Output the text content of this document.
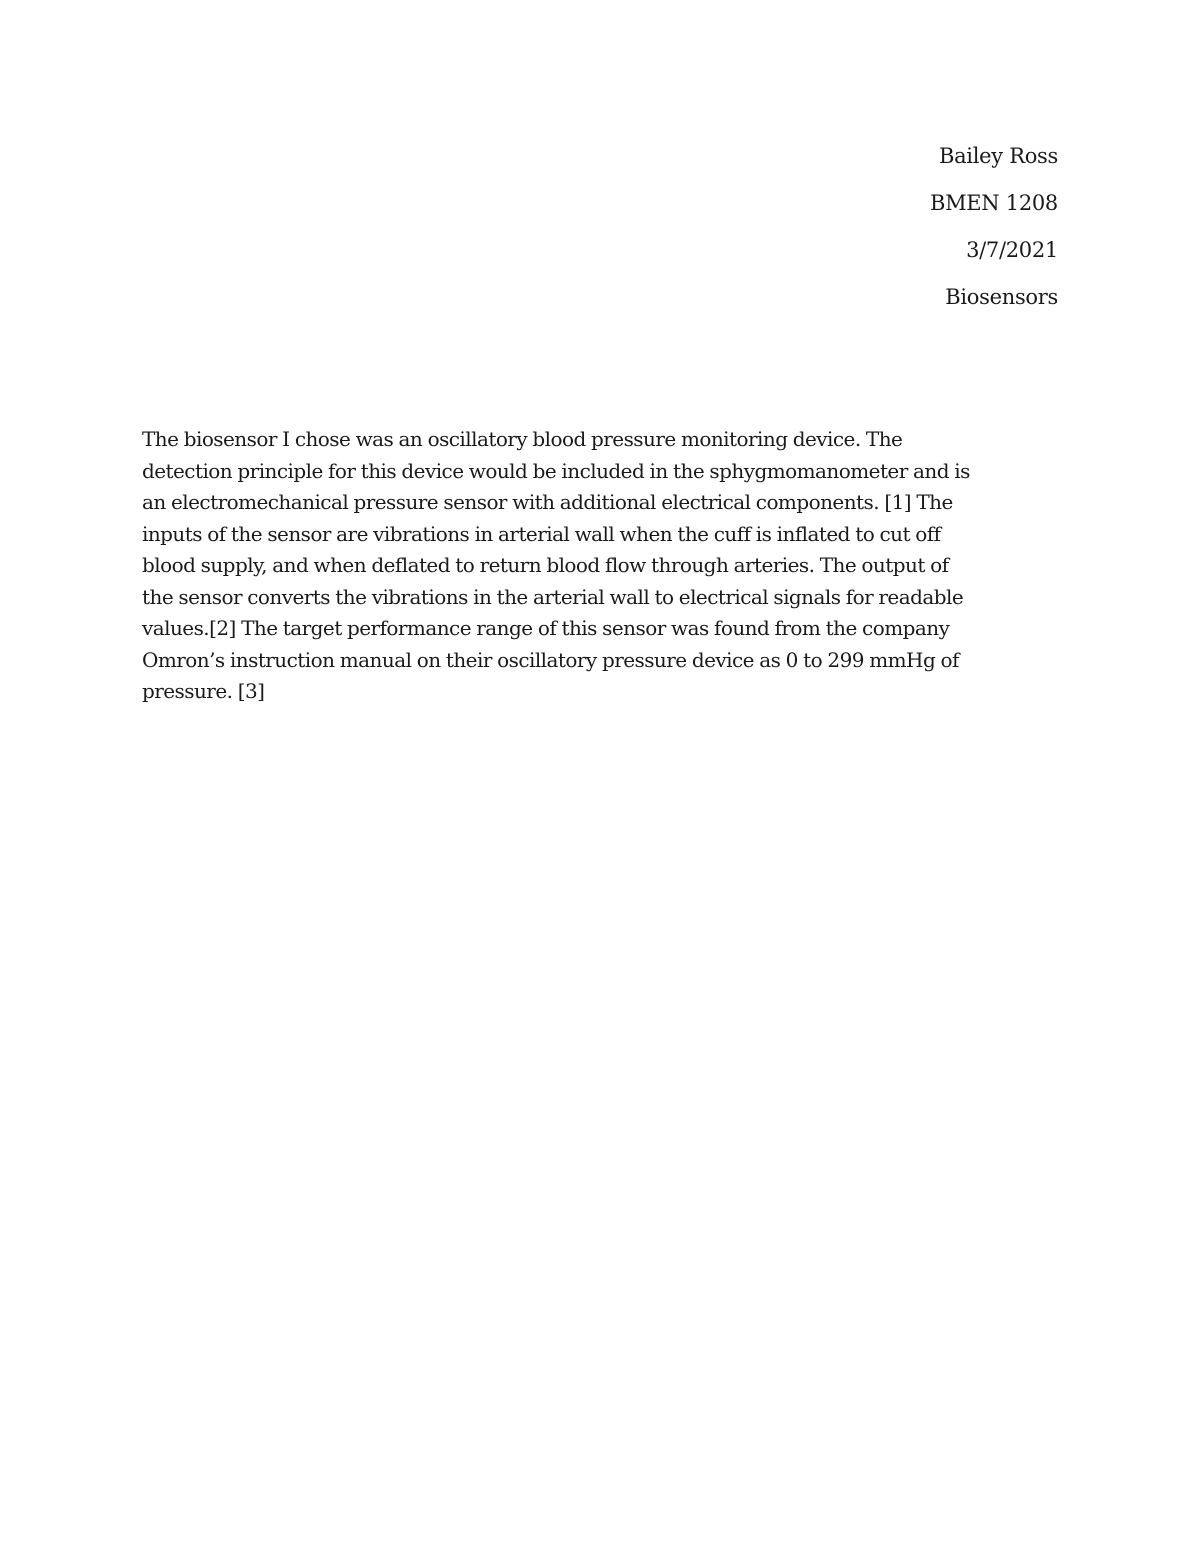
Bailey Ross
BMEN 1208
3/7/2021
Biosensors
The biosensor I chose was an oscillatory blood pressure monitoring device. The
detection principle for this device would be included in the sphygmomanometer and is
an electromechanical pressure sensor with additional electrical components. [1] The
inputs of the sensor are vibrations in arterial wall when the cuff is inflated to cut off
blood supply, and when deflated to return blood flow through arteries. The output of
the sensor converts the vibrations in the arterial wall to electrical signals for readable
values.[2] The target performance range of this sensor was found from the company
Omron’s instruction manual on their oscillatory pressure device as 0 to 299 mmHg of
pressure. [3]
